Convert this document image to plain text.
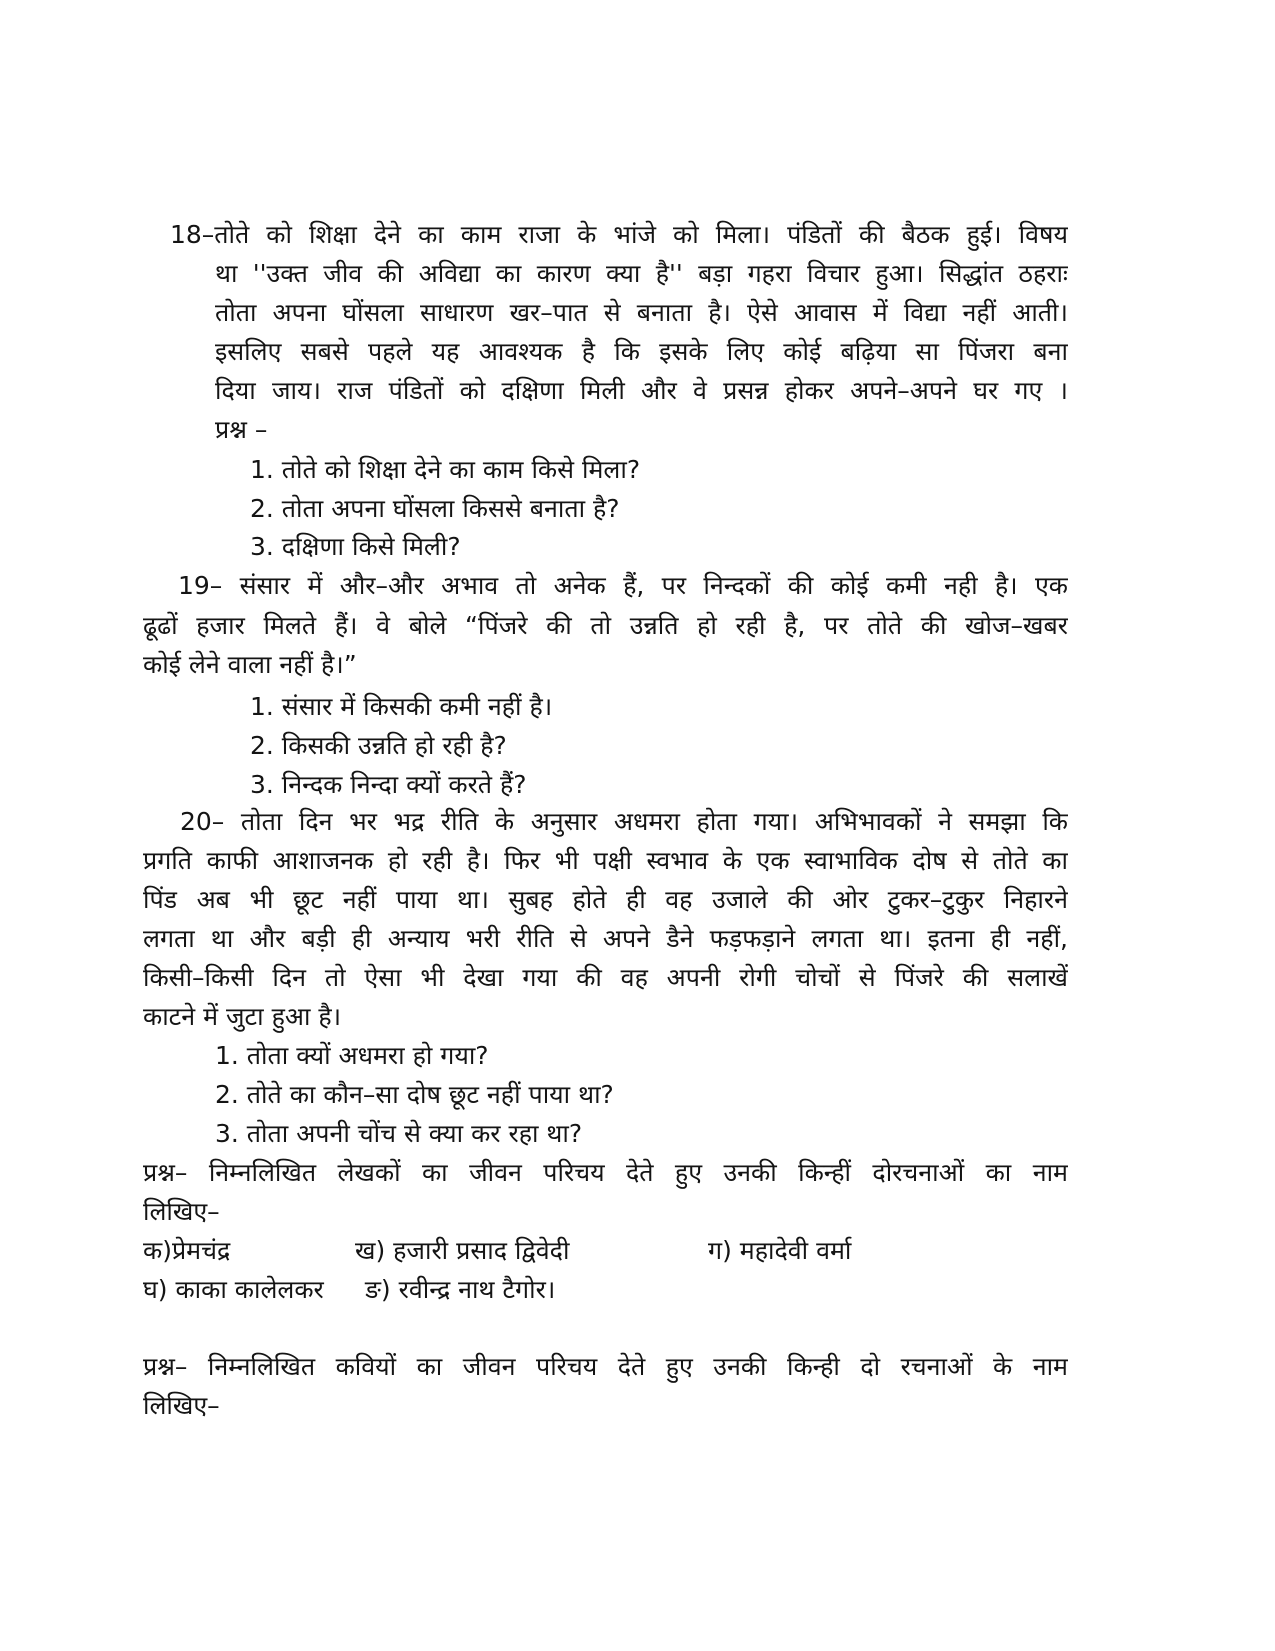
18–तोते को शिक्षा देने का काम राजा के भांजे को मिला। पंडितों की बैठक हुई। विषय
था ''उक्त जीव की अविद्या का कारण क्या है'' बड़ा गहरा विचार हुआ। सिद्धांत ठहराः
तोता अपना घोंसला साधारण खर–पात से बनाता है। ऐसे आवास में विद्या नहीं आती।
इसलिए सबसे पहले यह आवश्यक है कि इसके लिए कोई बढ़िया सा पिंजरा बना
दिया जाय। राज पंडितों को दक्षिणा मिली और वे प्रसन्न होकर अपने–अपने घर गए ।
प्रश्न –
1. तोते को शिक्षा देने का काम किसे मिला?
2. तोता अपना घोंसला किससे बनाता है?
3. दक्षिणा किसे मिली?
19– संसार में और–और अभाव तो अनेक हैं, पर निन्दकों की कोई कमी नही है। एक
ढूढों हजार मिलते हैं। वे बोले “पिंजरे की तो उन्नति हो रही है, पर तोते की खोज–खबर
कोई लेने वाला नहीं है।”
1. संसार में किसकी कमी नहीं है।
2. किसकी उन्नति हो रही है?
3. निन्दक निन्दा क्यों करते हैं?
20– तोता दिन भर भद्र रीति के अनुसार अधमरा होता गया। अभिभावकों ने समझा कि
प्रगति काफी आशाजनक हो रही है। फिर भी पक्षी स्वभाव के एक स्वाभाविक दोष से तोते का
पिंड अब भी छूट नहीं पाया था। सुबह होते ही वह उजाले की ओर टुकर–टुकुर निहारने
लगता था और बड़ी ही अन्याय भरी रीति से अपने डैने फड़फड़ाने लगता था। इतना ही नहीं,
किसी–किसी दिन तो ऐसा भी देखा गया की वह अपनी रोगी चोचों से पिंजरे की सलाखें
काटने में जुटा हुआ है।
1. तोता क्यों अधमरा हो गया?
2. तोते का कौन–सा दोष छूट नहीं पाया था?
3. तोता अपनी चोंच से क्या कर रहा था?
प्रश्न– निम्नलिखित लेखकों का जीवन परिचय देते हुए उनकी किन्हीं दोरचनाओं का नाम
लिखिए–
क)प्रेमचंद्र	ख) हजारी प्रसाद द्विवेदी	ग) महादेवी वर्मा
घ) काका कालेलकर ङ) रवीन्द्र नाथ टैगोर।
प्रश्न– निम्नलिखित कवियों का जीवन परिचय देते हुए उनकी किन्ही दो रचनाओं के नाम
लिखिए–
